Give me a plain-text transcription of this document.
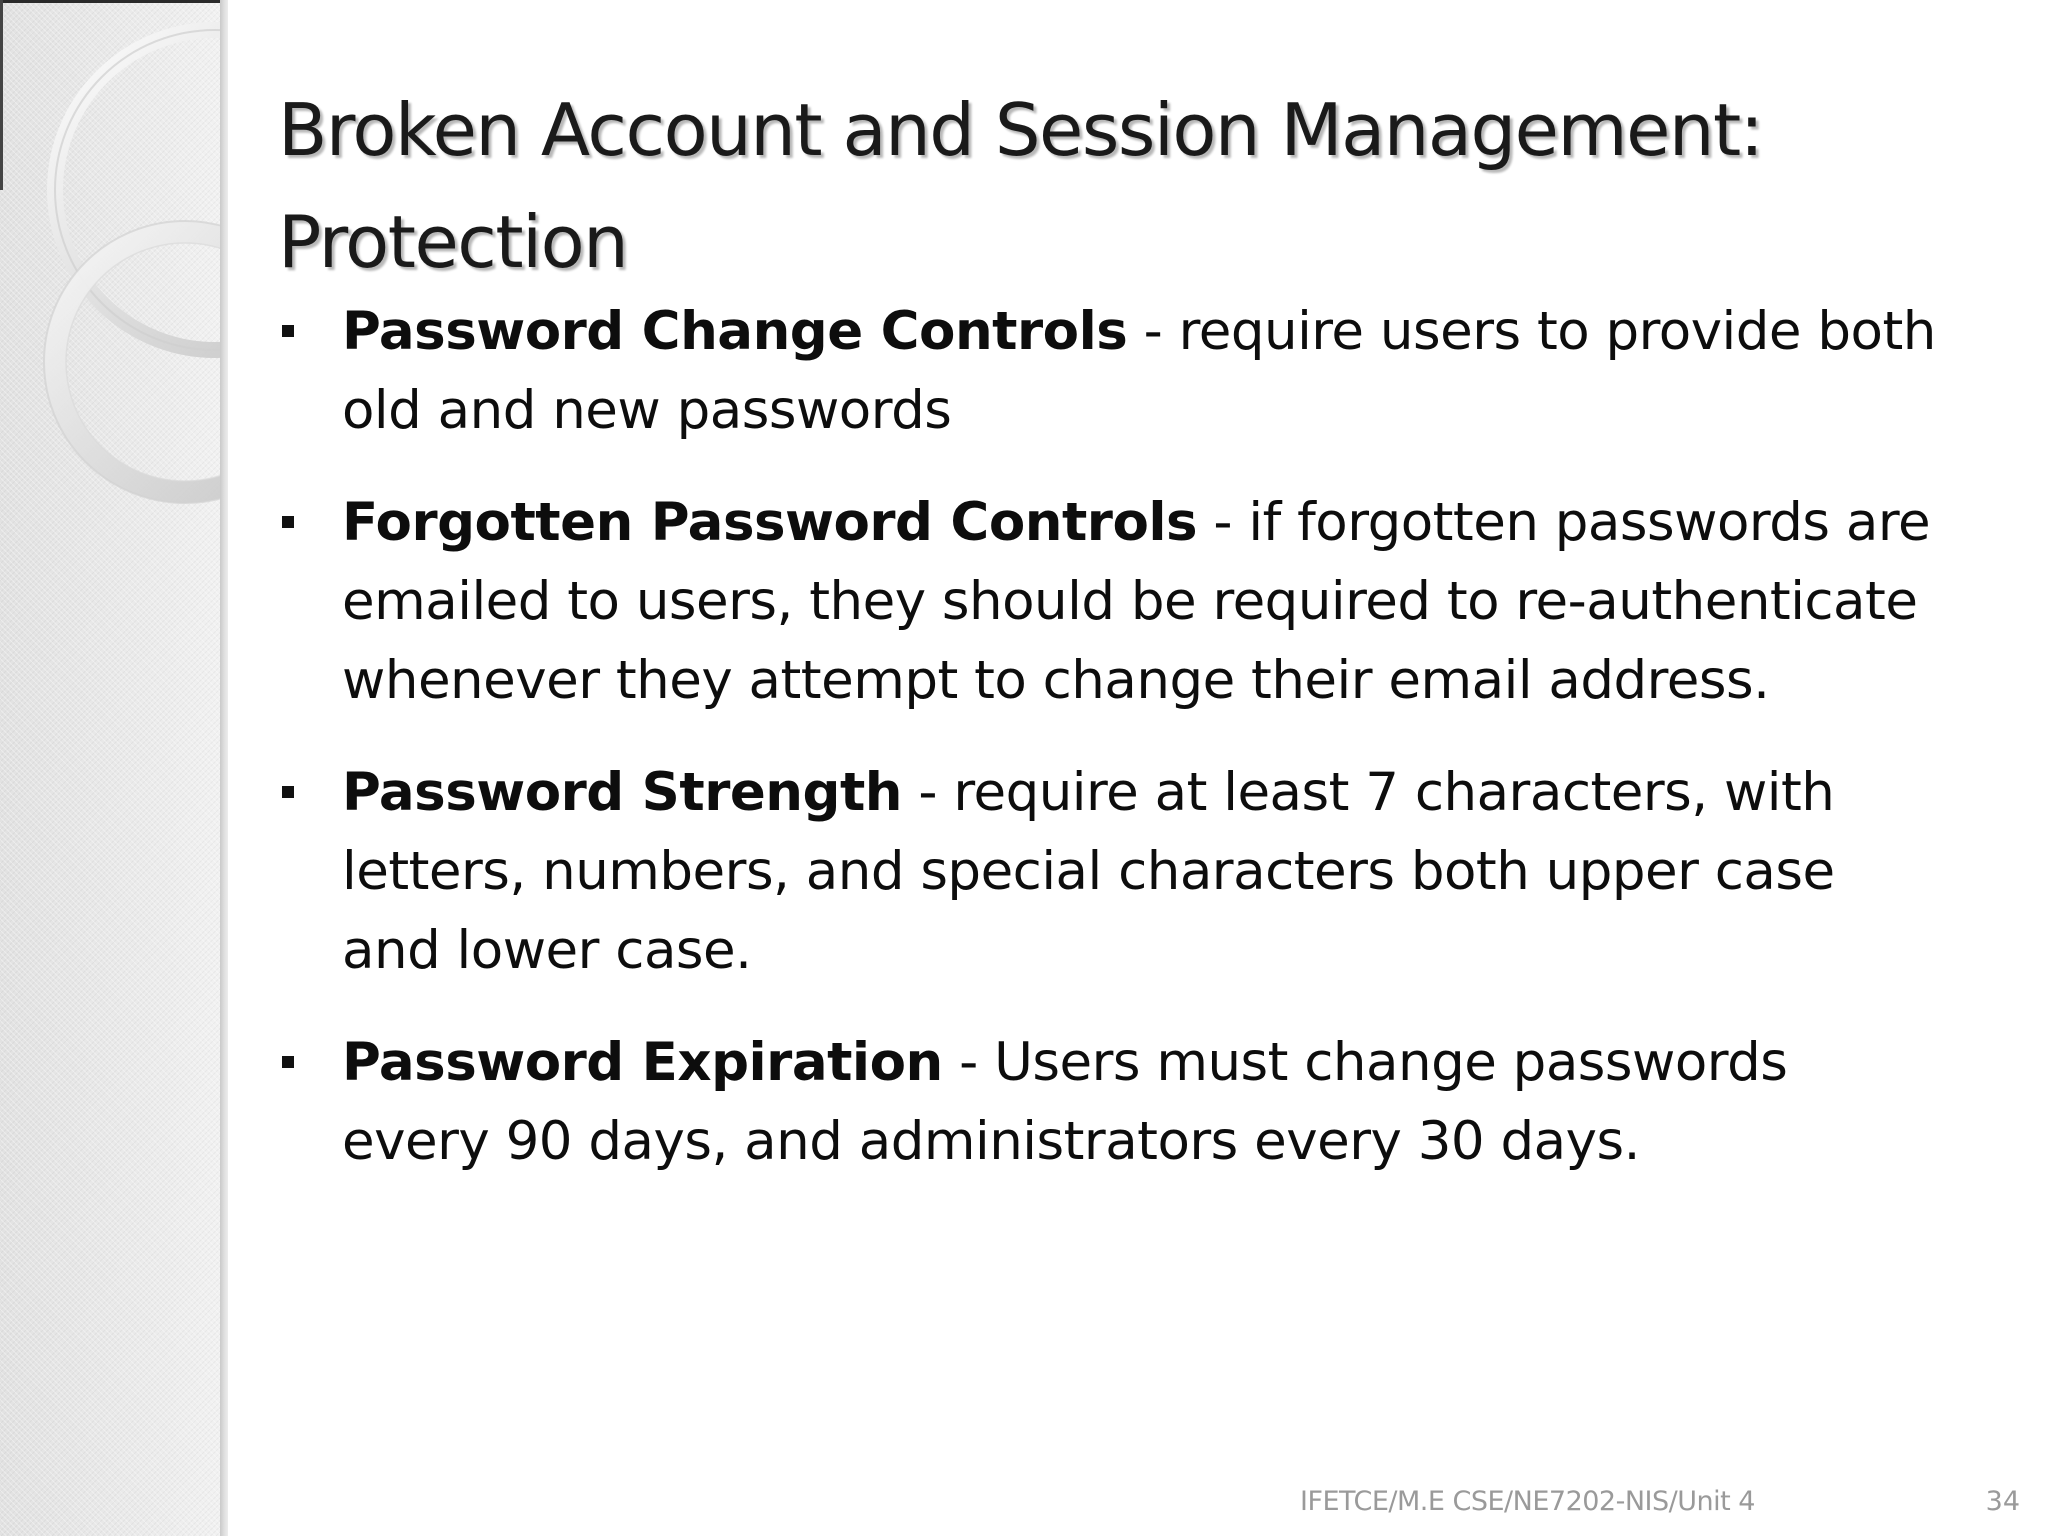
Broken Account and Session Management: Protection
Password Change Controls - require users to provide both old and new passwords
Forgotten Password Controls - if forgotten passwords are emailed to users, they should be required to re-authenticate whenever they attempt to change their email address.
Password Strength - require at least 7 characters, with letters, numbers, and special characters both upper case and lower case.
Password Expiration - Users must change passwords every 90 days, and administrators every 30 days.
IFETCE/M.E CSE/NE7202-NIS/Unit 4	34
